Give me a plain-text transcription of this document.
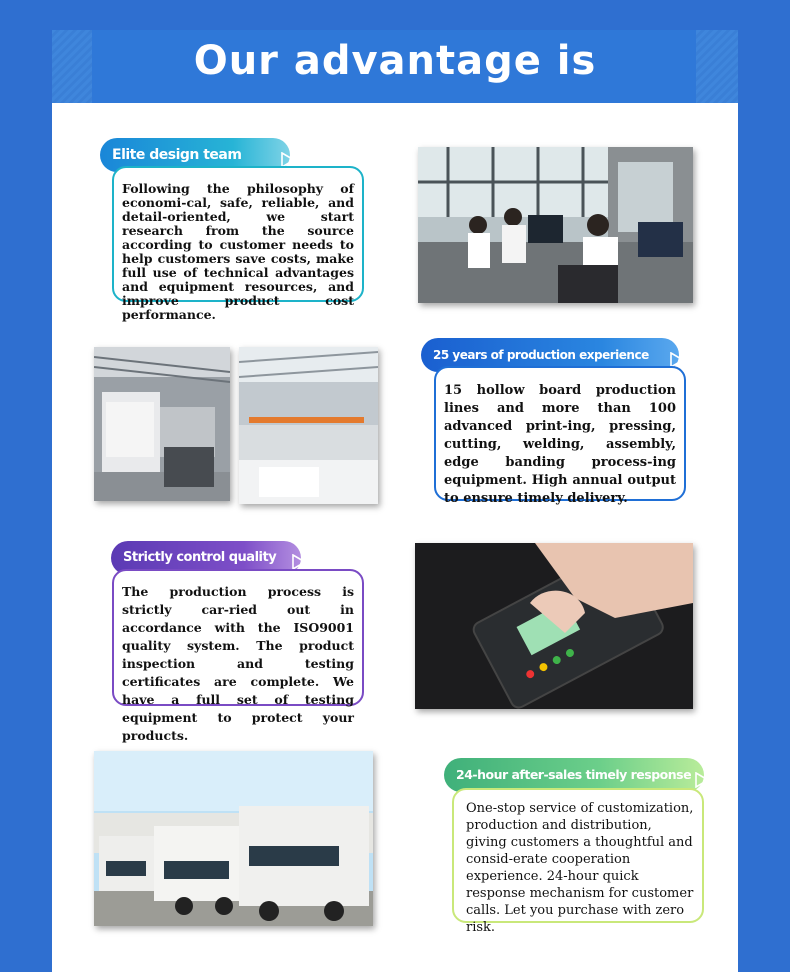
Our advantage is
Elite design team
Following the philosophy of economi-cal, safe, reliable, and detail-oriented, we start research from the source according to customer needs to help customers save costs, make full use of technical advantages and equipment resources, and improve product cost performance.
25 years of production experience
15 hollow board production lines and more than 100 advanced print-ing, pressing, cutting, welding, assembly, edge banding process-ing equipment. High annual output to ensure timely delivery.
Strictly control quality
The production process is strictly car-ried out in accordance with the ISO9001 quality system. The product inspection and testing certificates are complete. We have a full set of testing equipment to protect your products.
24-hour after-sales timely response
One-stop service of customization, production and distribution, giving customers a thoughtful and consid-erate cooperation experience. 24-hour quick response mechanism for customer calls. Let you purchase with zero risk.
